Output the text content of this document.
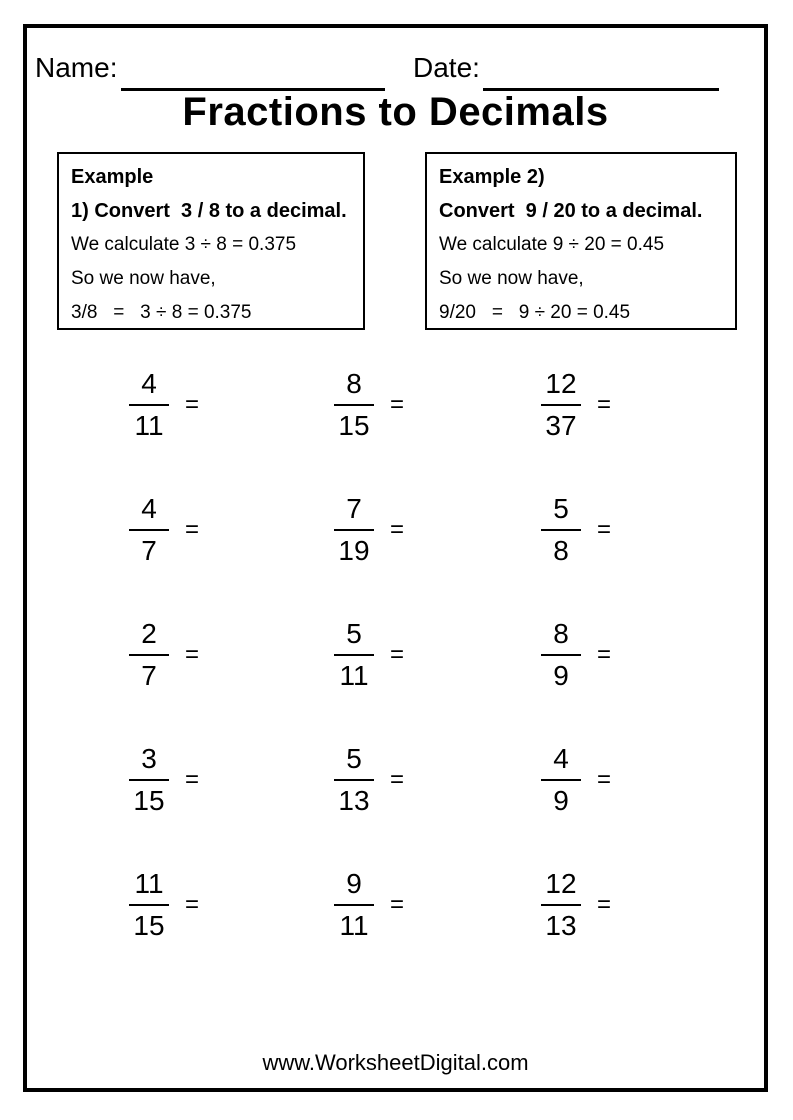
Name:	Date:
Fractions to Decimals
Example
1) Convert  3 / 8 to a decimal.
We calculate 3 ÷ 8 = 0.375
So we now have,
3/8   =   3 ÷ 8 = 0.375
Example 2)
Convert  9 / 20 to a decimal.
We calculate 9 ÷ 20 = 0.45
So we now have,
9/20   =   9 ÷ 20 = 0.45
$\frac{4}{11}$ =	$\frac{8}{15}$ =	$\frac{12}{37}$ =
$\frac{4}{7}$ =	$\frac{7}{19}$ =	$\frac{5}{8}$ =
$\frac{2}{7}$ =	$\frac{5}{11}$ =	$\frac{8}{9}$ =
$\frac{3}{15}$ =	$\frac{5}{13}$ =	$\frac{4}{9}$ =
$\frac{11}{15}$ =	$\frac{9}{11}$ =	$\frac{12}{13}$ =
www.WorksheetDigital.com
